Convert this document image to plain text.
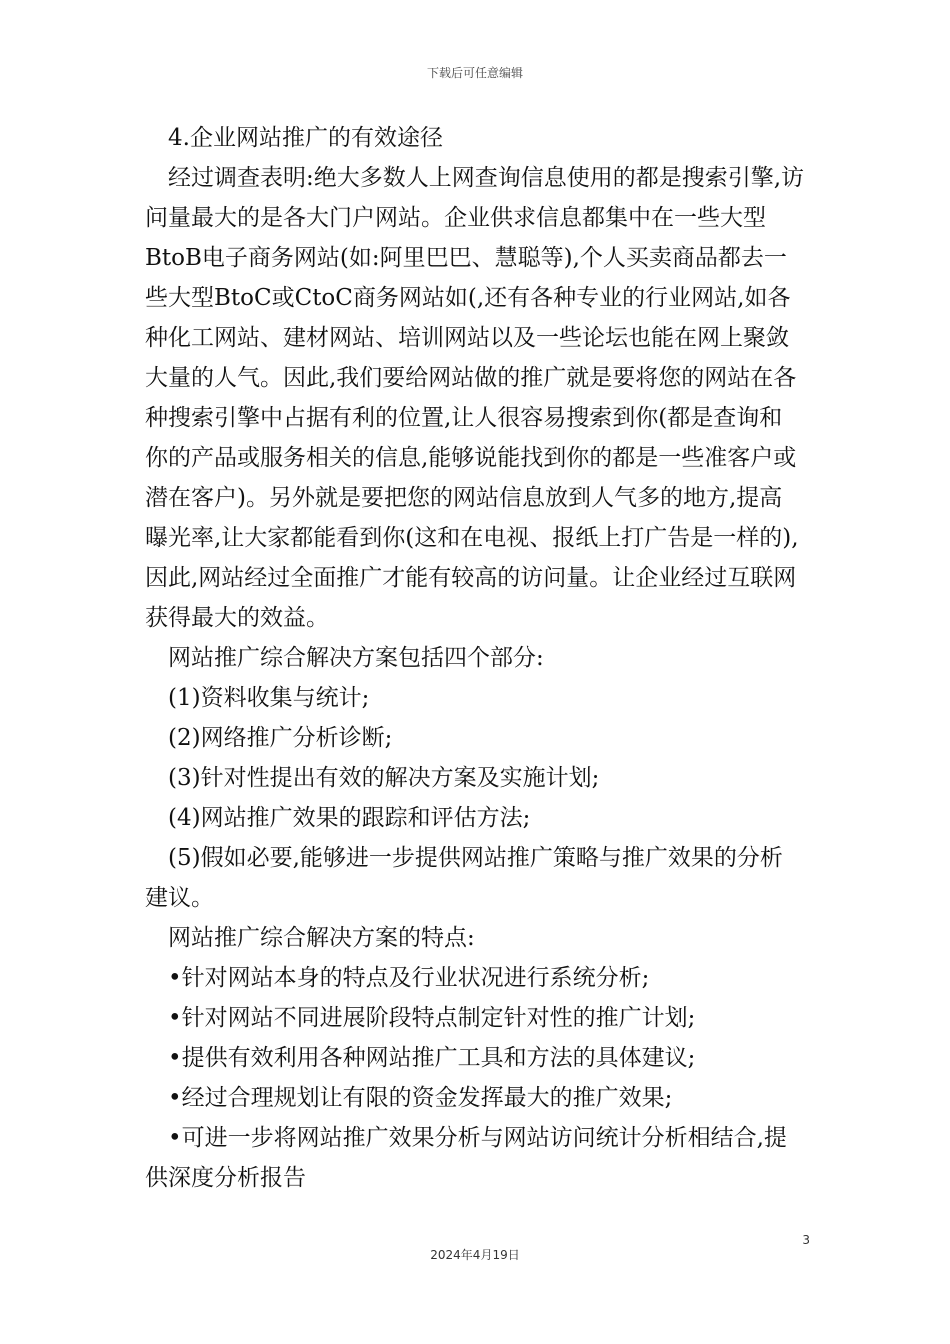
下载后可任意编辑

4.企业网站推广的有效途径

经过调查表明:绝大多数人上网查询信息使用的都是搜索引擎,访问量最大的是各大门户网站。企业供求信息都集中在一些大型BtoB电子商务网站(如:阿里巴巴、慧聪等),个人买卖商品都去一些大型BtoC或CtoC商务网站如(,还有各种专业的行业网站,如各种化工网站、建材网站、培训网站以及一些论坛也能在网上聚敛大量的人气。因此,我们要给网站做的推广就是要将您的网站在各种搜索引擎中占据有利的位置,让人很容易搜索到你(都是查询和你的产品或服务相关的信息,能够说能找到你的都是一些准客户或潜在客户)。另外就是要把您的网站信息放到人气多的地方,提高曝光率,让大家都能看到你(这和在电视、报纸上打广告是一样的),因此,网站经过全面推广才能有较高的访问量。让企业经过互联网获得最大的效益。

网站推广综合解决方案包括四个部分:

(1)资料收集与统计;

(2)网络推广分析诊断;

(3)针对性提出有效的解决方案及实施计划;

(4)网站推广效果的跟踪和评估方法;

(5)假如必要,能够进一步提供网站推广策略与推广效果的分析建议。

网站推广综合解决方案的特点:

•针对网站本身的特点及行业状况进行系统分析;

•针对网站不同进展阶段特点制定针对性的推广计划;

•提供有效利用各种网站推广工具和方法的具体建议;

•经过合理规划让有限的资金发挥最大的推广效果;

•可进一步将网站推广效果分析与网站访问统计分析相结合,提供深度分析报告

3
2024年4月19日
